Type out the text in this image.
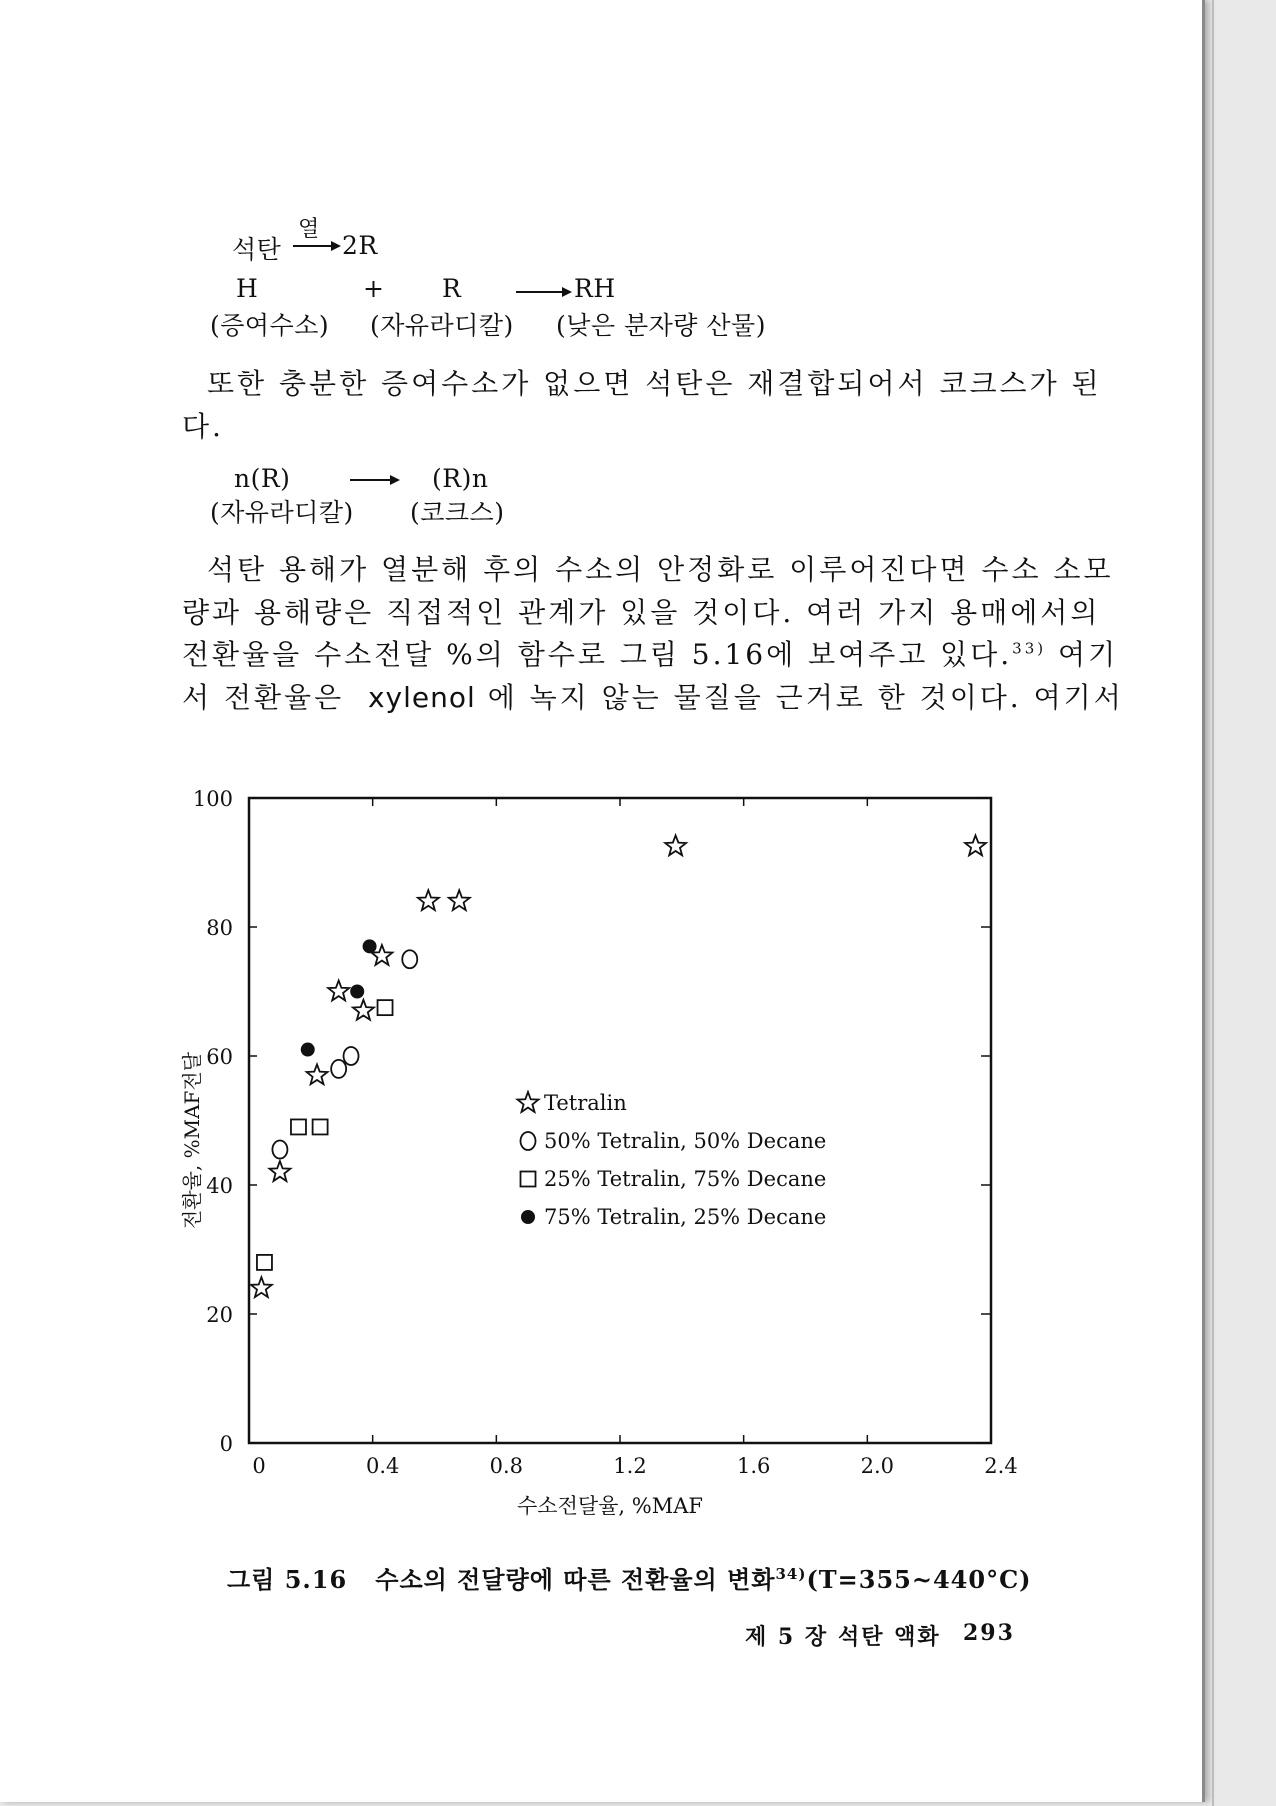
석탄
열
2R
H	+ R	RH
(증여수소) (자유라디칼) (낮은 분자량 산물)
또한 충분한 증여수소가 없으면 석탄은 재결합되어서 코크스가 된
다.
n(R)	(R)n
(자유라디칼) (코크스)
석탄 용해가 열분해 후의 수소의 안정화로 이루어진다면 수소 소모
량과 용해량은 직접적인 관계가 있을 것이다. 여러 가지 용매에서의
전환율을 수소전달 %의 함수로 그림 5.16에 보여주고 있다.$^{33)}$ 여기
서 전환율은 xylenol 에 녹지 않는 물질을 근거로 한 것이다. 여기서
0	0.4	0.8	1.2	1.6	2.0	2.4
0
20
40
60
80
100
Tetralin
50% Tetralin, 50% Decane
25% Tetralin, 75% Decane
75% Tetralin, 25% Decane
수소전달율, %MAF
전환율, %MAF전달
그림 5.16 수소의 전달량에 따른 전환율의 변화$^{34)}$(T=355~440°C)
제 5 장 석탄 액화 293
